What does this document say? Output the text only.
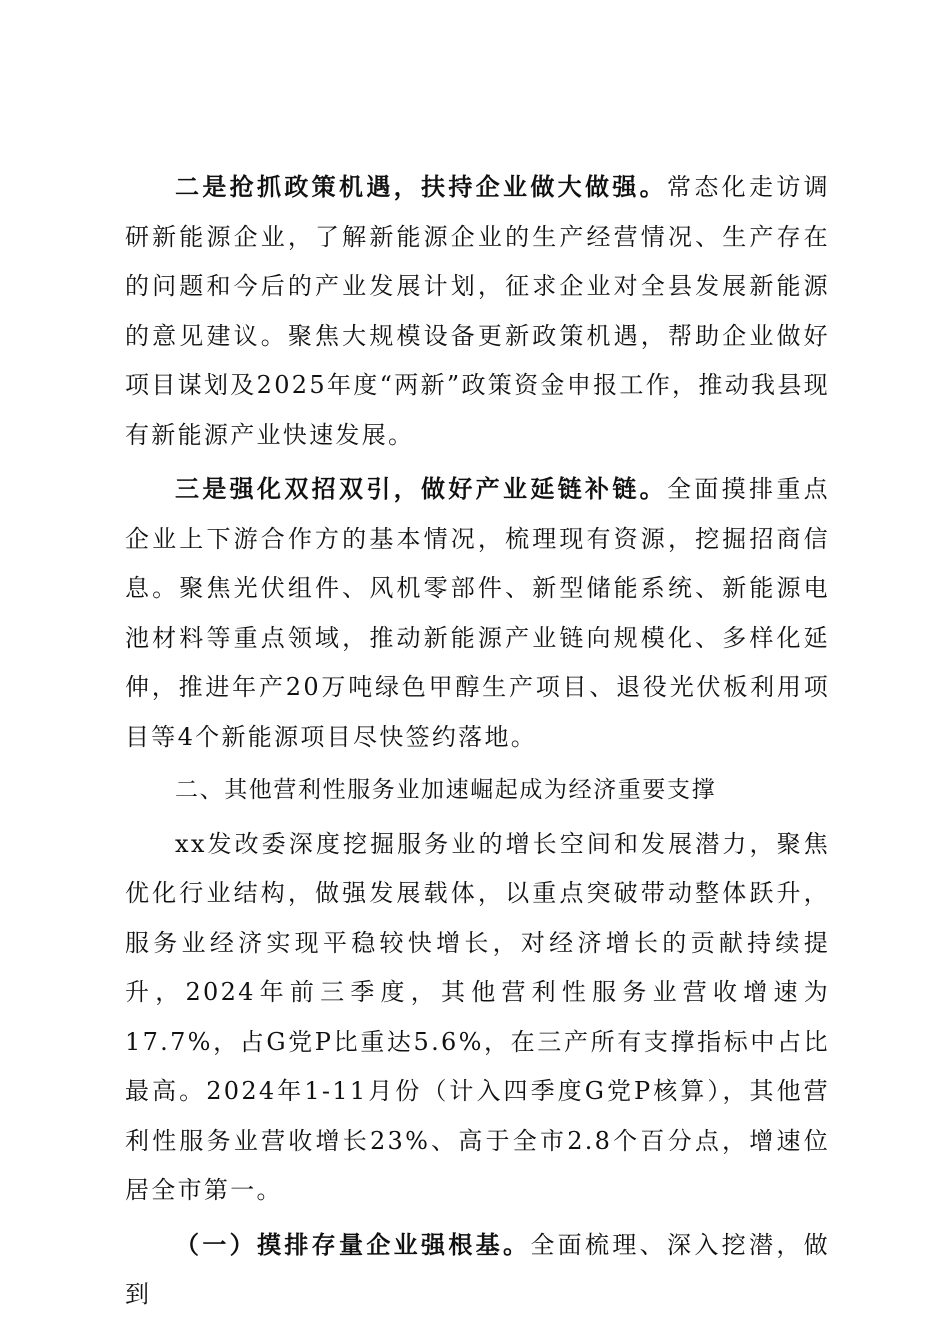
二是抢抓政策机遇，扶持企业做大做强。常态化走访调研新能源企业，了解新能源企业的生产经营情况、生产存在的问题和今后的产业发展计划，征求企业对全县发展新能源的意见建议。聚焦大规模设备更新政策机遇，帮助企业做好项目谋划及2025年度“两新”政策资金申报工作，推动我县现有新能源产业快速发展。

三是强化双招双引，做好产业延链补链。全面摸排重点企业上下游合作方的基本情况，梳理现有资源，挖掘招商信息。聚焦光伏组件、风机零部件、新型储能系统、新能源电池材料等重点领域，推动新能源产业链向规模化、多样化延伸，推进年产20万吨绿色甲醇生产项目、退役光伏板利用项目等4个新能源项目尽快签约落地。

二、其他营利性服务业加速崛起成为经济重要支撑

xx发改委深度挖掘服务业的增长空间和发展潜力，聚焦优化行业结构，做强发展载体，以重点突破带动整体跃升，服务业经济实现平稳较快增长，对经济增长的贡献持续提升，2024年前三季度，其他营利性服务业营收增速为17.7%，占G党P比重达5.6%，在三产所有支撑指标中占比最高。2024年1-11月份（计入四季度G党P核算），其他营利性服务业营收增长23%、高于全市2.8个百分点，增速位居全市第一。

（一）摸排存量企业强根基。全面梳理、深入挖潜，做到
